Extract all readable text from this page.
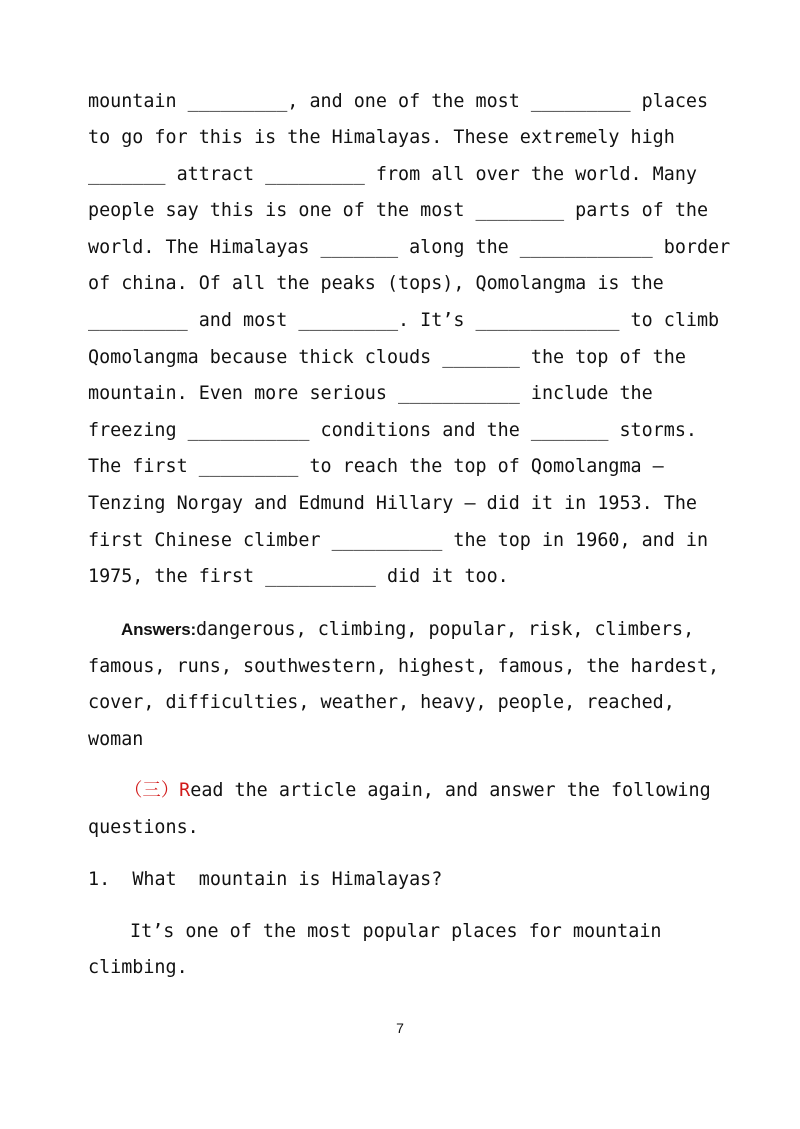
mountain _________, and one of the most _________ places
to go for this is the Himalayas. These extremely high
_______ attract _________ from all over the world. Many
people say this is one of the most ________ parts of the
world. The Himalayas _______ along the ____________ border
of china. Of all the peaks (tops), Qomolangma is the
_________ and most _________. It’s _____________ to climb
Qomolangma because thick clouds _______ the top of the
mountain. Even more serious ___________ include the
freezing ___________ conditions and the _______ storms.
The first _________ to reach the top of Qomolangma –
Tenzing Norgay and Edmund Hillary – did it in 1953. The
first Chinese climber __________ the top in 1960, and in
1975, the first __________ did it too.
Answers:dangerous, climbing, popular, risk, climbers,
famous, runs, southwestern, highest, famous, the hardest,
cover, difficulties, weather, heavy, people, reached,
woman
（三）Read the article again, and answer the following
questions.
1. What  mountain is Himalayas?
It’s one of the most popular places for mountain
climbing.
7
